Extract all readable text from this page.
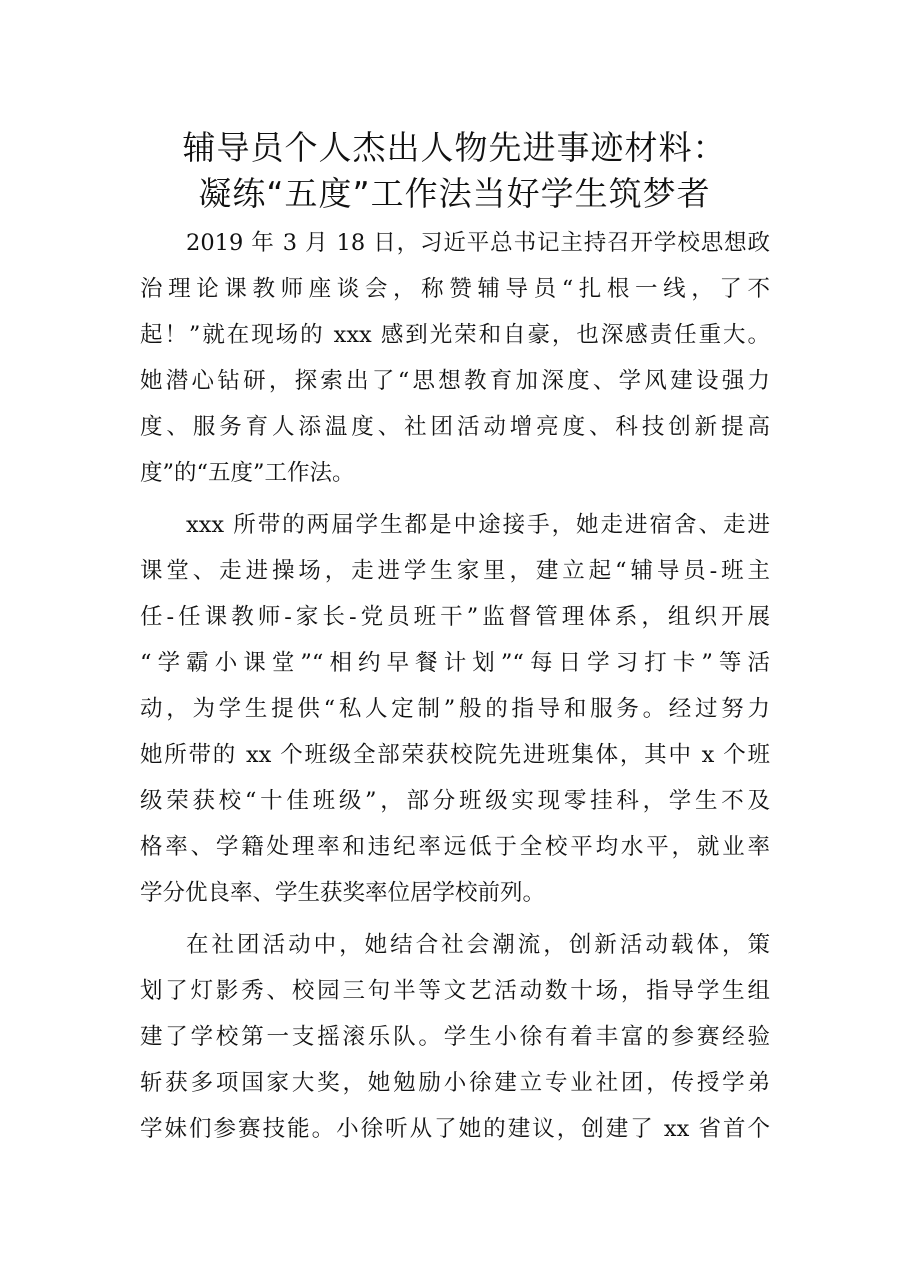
辅导员个人杰出人物先进事迹材料：
凝练“五度”工作法当好学生筑梦者
2019 年 3 月 18 日，习近平总书记主持召开学校思想政
治理论课教师座谈会，称赞辅导员“扎根一线，了不
起！”就在现场的 xxx 感到光荣和自豪，也深感责任重大。
她潜心钻研，探索出了“思想教育加深度、学风建设强力
度、服务育人添温度、社团活动增亮度、科技创新提高
度”的“五度”工作法。
xxx 所带的两届学生都是中途接手，她走进宿舍、走进
课堂、走进操场，走进学生家里，建立起“辅导员-班主
任-任课教师-家长-党员班干”监督管理体系，组织开展
“学霸小课堂”“相约早餐计划”“每日学习打卡”等活
动，为学生提供“私人定制”般的指导和服务。经过努力
她所带的 xx 个班级全部荣获校院先进班集体，其中 x 个班
级荣获校“十佳班级”，部分班级实现零挂科，学生不及
格率、学籍处理率和违纪率远低于全校平均水平，就业率
学分优良率、学生获奖率位居学校前列。
在社团活动中，她结合社会潮流，创新活动载体，策
划了灯影秀、校园三句半等文艺活动数十场，指导学生组
建了学校第一支摇滚乐队。学生小徐有着丰富的参赛经验
斩获多项国家大奖，她勉励小徐建立专业社团，传授学弟
学妹们参赛技能。小徐听从了她的建议，创建了 xx 省首个
